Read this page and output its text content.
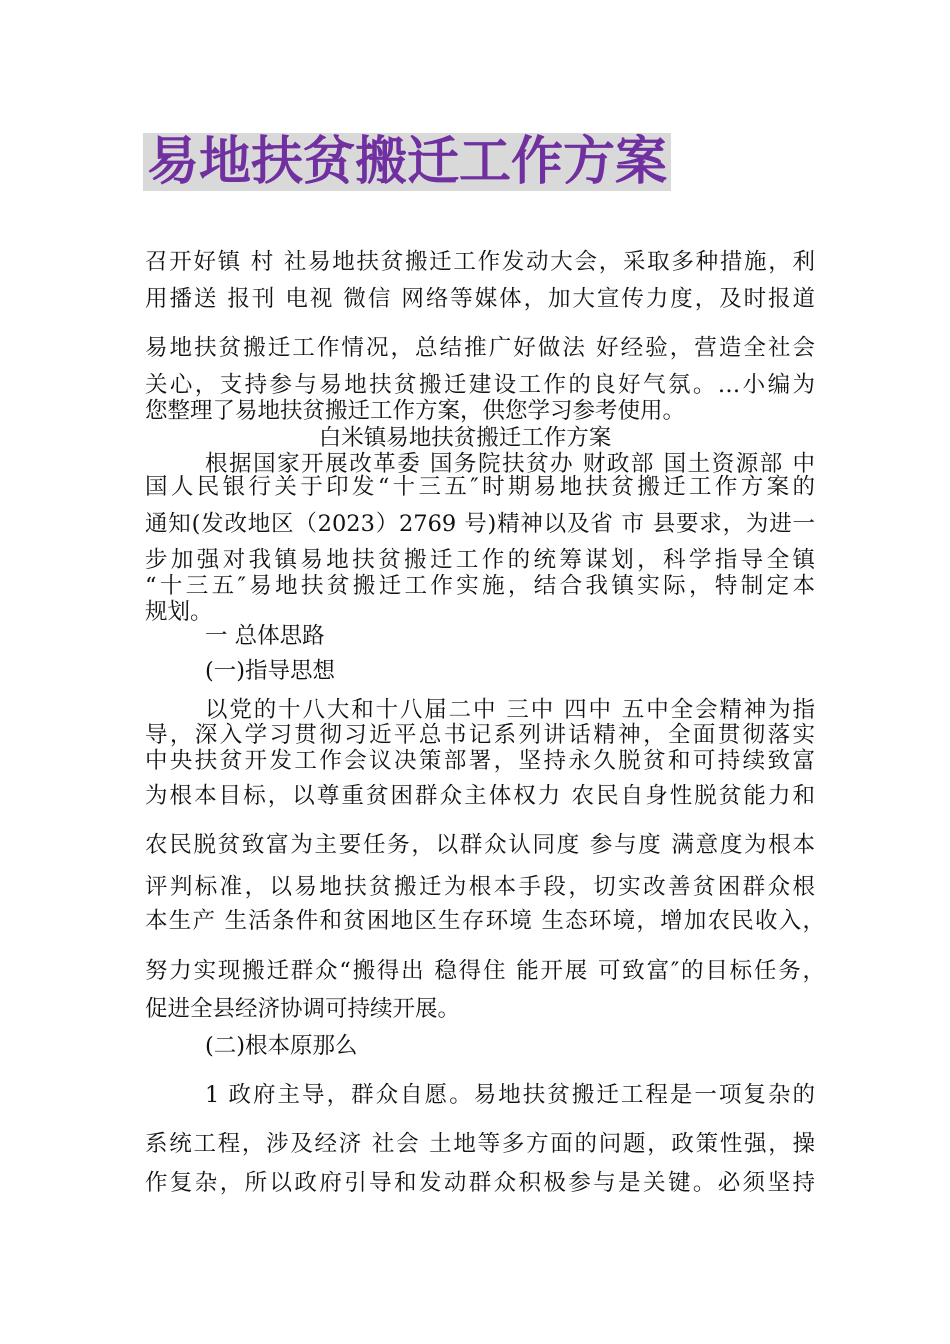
易地扶贫搬迁工作方案
召开好镇 村 社易地扶贫搬迁工作发动大会，采取多种措施，利
用播送 报刊 电视 微信 网络等媒体，加大宣传力度，及时报道
易地扶贫搬迁工作情况，总结推广好做法 好经验，营造全社会
关心，支持参与易地扶贫搬迁建设工作的良好气氛。…小编为
您整理了易地扶贫搬迁工作方案，供您学习参考使用。
白米镇易地扶贫搬迁工作方案
根据国家开展改革委 国务院扶贫办 财政部 国土资源部 中
国人民银行关于印发“十三五″时期易地扶贫搬迁工作方案的
通知(发改地区（2023）2769 号)精神以及省 市 县要求，为进一
步加强对我镇易地扶贫搬迁工作的统筹谋划，科学指导全镇
“十三五″易地扶贫搬迁工作实施，结合我镇实际，特制定本
规划。
一 总体思路
(一)指导思想
以党的十八大和十八届二中 三中 四中 五中全会精神为指
导，深入学习贯彻习近平总书记系列讲话精神，全面贯彻落实
中央扶贫开发工作会议决策部署，坚持永久脱贫和可持续致富
为根本目标，以尊重贫困群众主体权力 农民自身性脱贫能力和
农民脱贫致富为主要任务，以群众认同度 参与度 满意度为根本
评判标准，以易地扶贫搬迁为根本手段，切实改善贫困群众根
本生产 生活条件和贫困地区生存环境 生态环境，增加农民收入，
努力实现搬迁群众“搬得出 稳得住 能开展 可致富″的目标任务，
促进全县经济协调可持续开展。
(二)根本原那么
1 政府主导，群众自愿。易地扶贫搬迁工程是一项复杂的
系统工程，涉及经济 社会 土地等多方面的问题，政策性强，操
作复杂，所以政府引导和发动群众积极参与是关键。必须坚持
